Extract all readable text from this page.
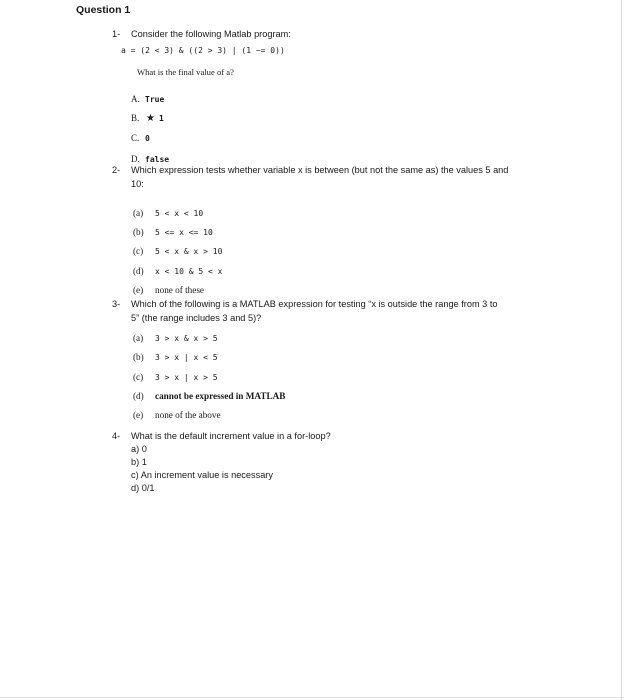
Question 1
1- Consider the following Matlab program:
a = (2 < 3) & ((2 > 3) | (1 ~= 0))
What is the final value of a?
A. True
B. ★ 1
C. 0
D. false
2- Which expression tests whether variable x is between (but not the same as) the values 5 and
10:
(a) 5 < x < 10
(b) 5 <= x <= 10
(c) 5 < x & x > 10
(d) x < 10 & 5 < x
(e) none of these
3- Which of the following is a MATLAB expression for testing “x is outside the range from 3 to
5” (the range includes 3 and 5)?
(a) 3 > x & x > 5
(b) 3 > x | x < 5
(c) 3 > x | x > 5
(d) cannot be expressed in MATLAB
(e) none of the above
4- What is the default increment value in a for-loop?
a) 0
b) 1
c) An increment value is necessary
d) 0/1
